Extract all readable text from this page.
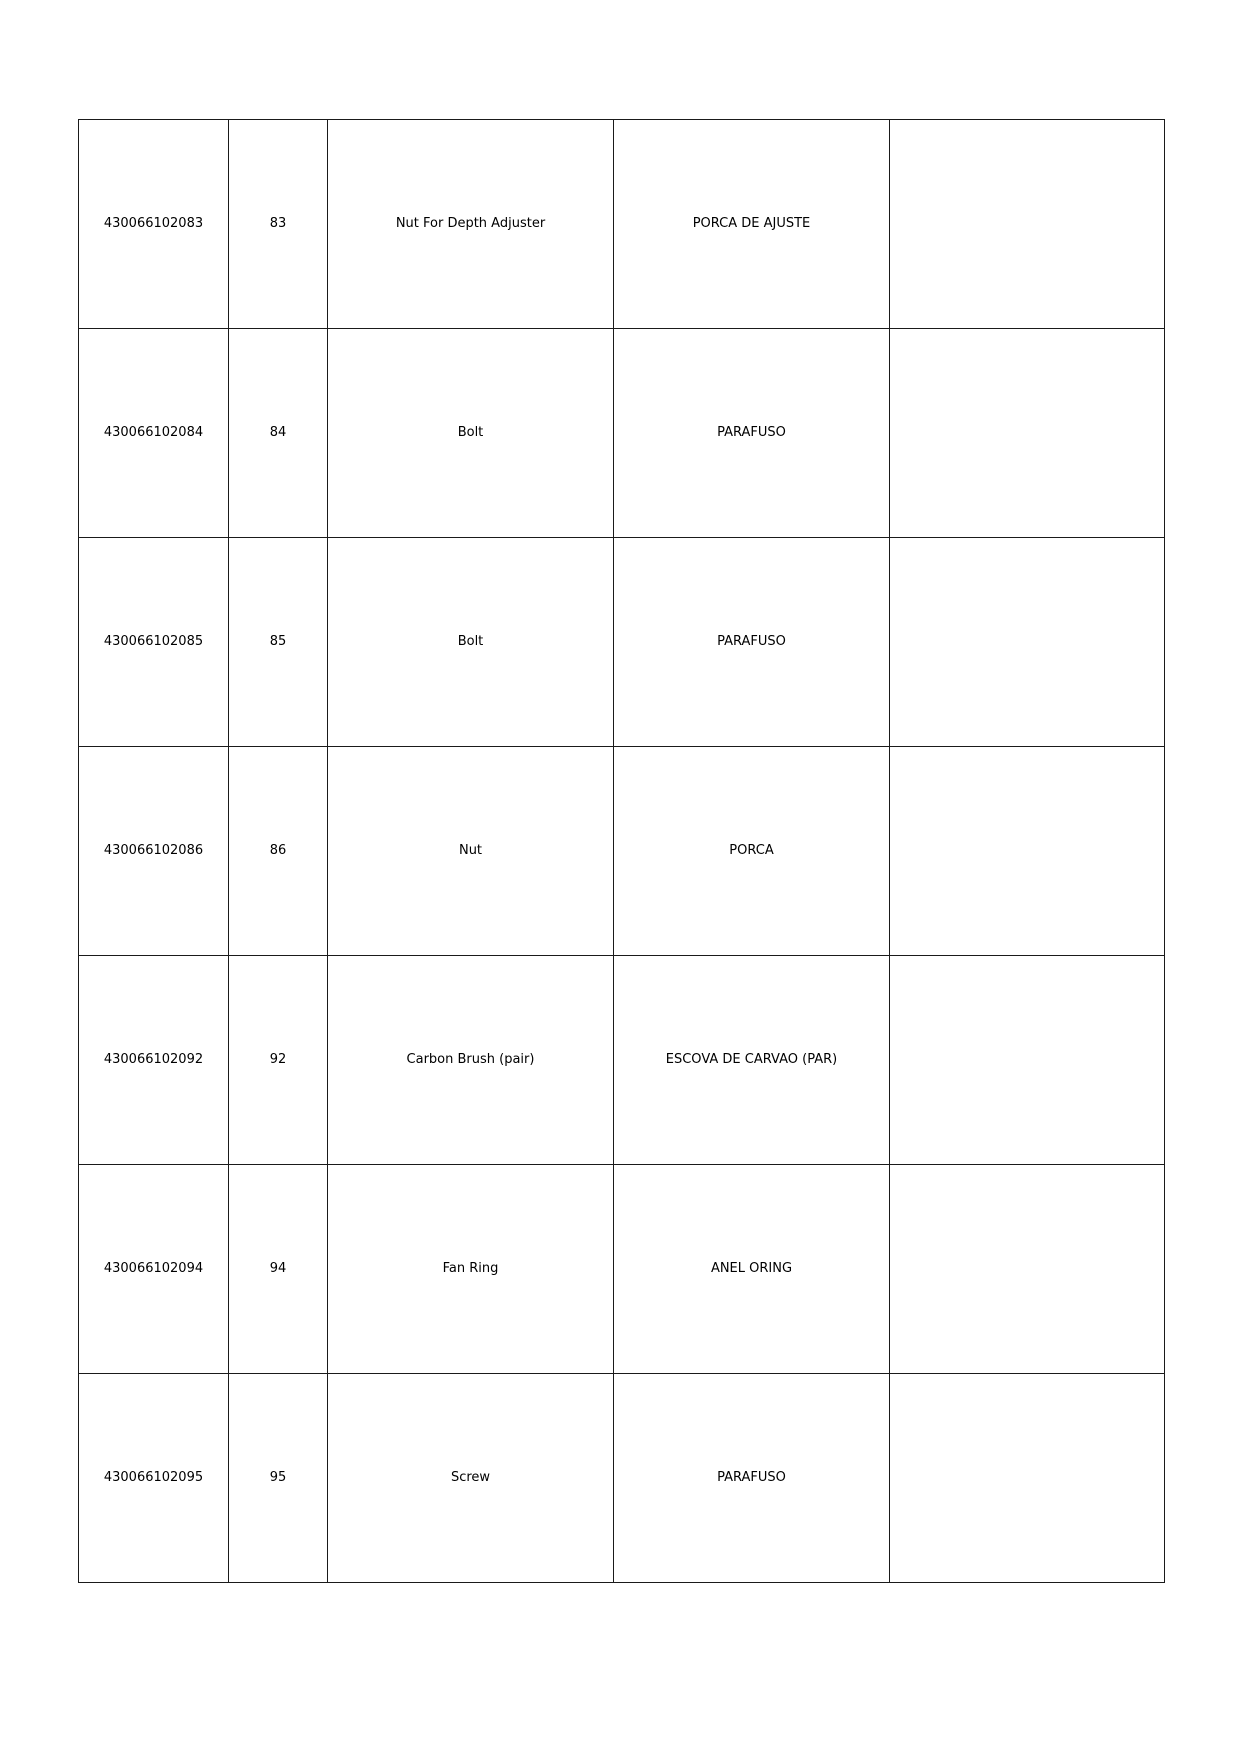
430066102083	83	Nut For Depth Adjuster	PORCA DE AJUSTE	
430066102084	84	Bolt	PARAFUSO	
430066102085	85	Bolt	PARAFUSO	
430066102086	86	Nut	PORCA	
430066102092	92	Carbon Brush (pair)	ESCOVA DE CARVAO (PAR)	
430066102094	94	Fan Ring	ANEL ORING	
430066102095	95	Screw	PARAFUSO	
